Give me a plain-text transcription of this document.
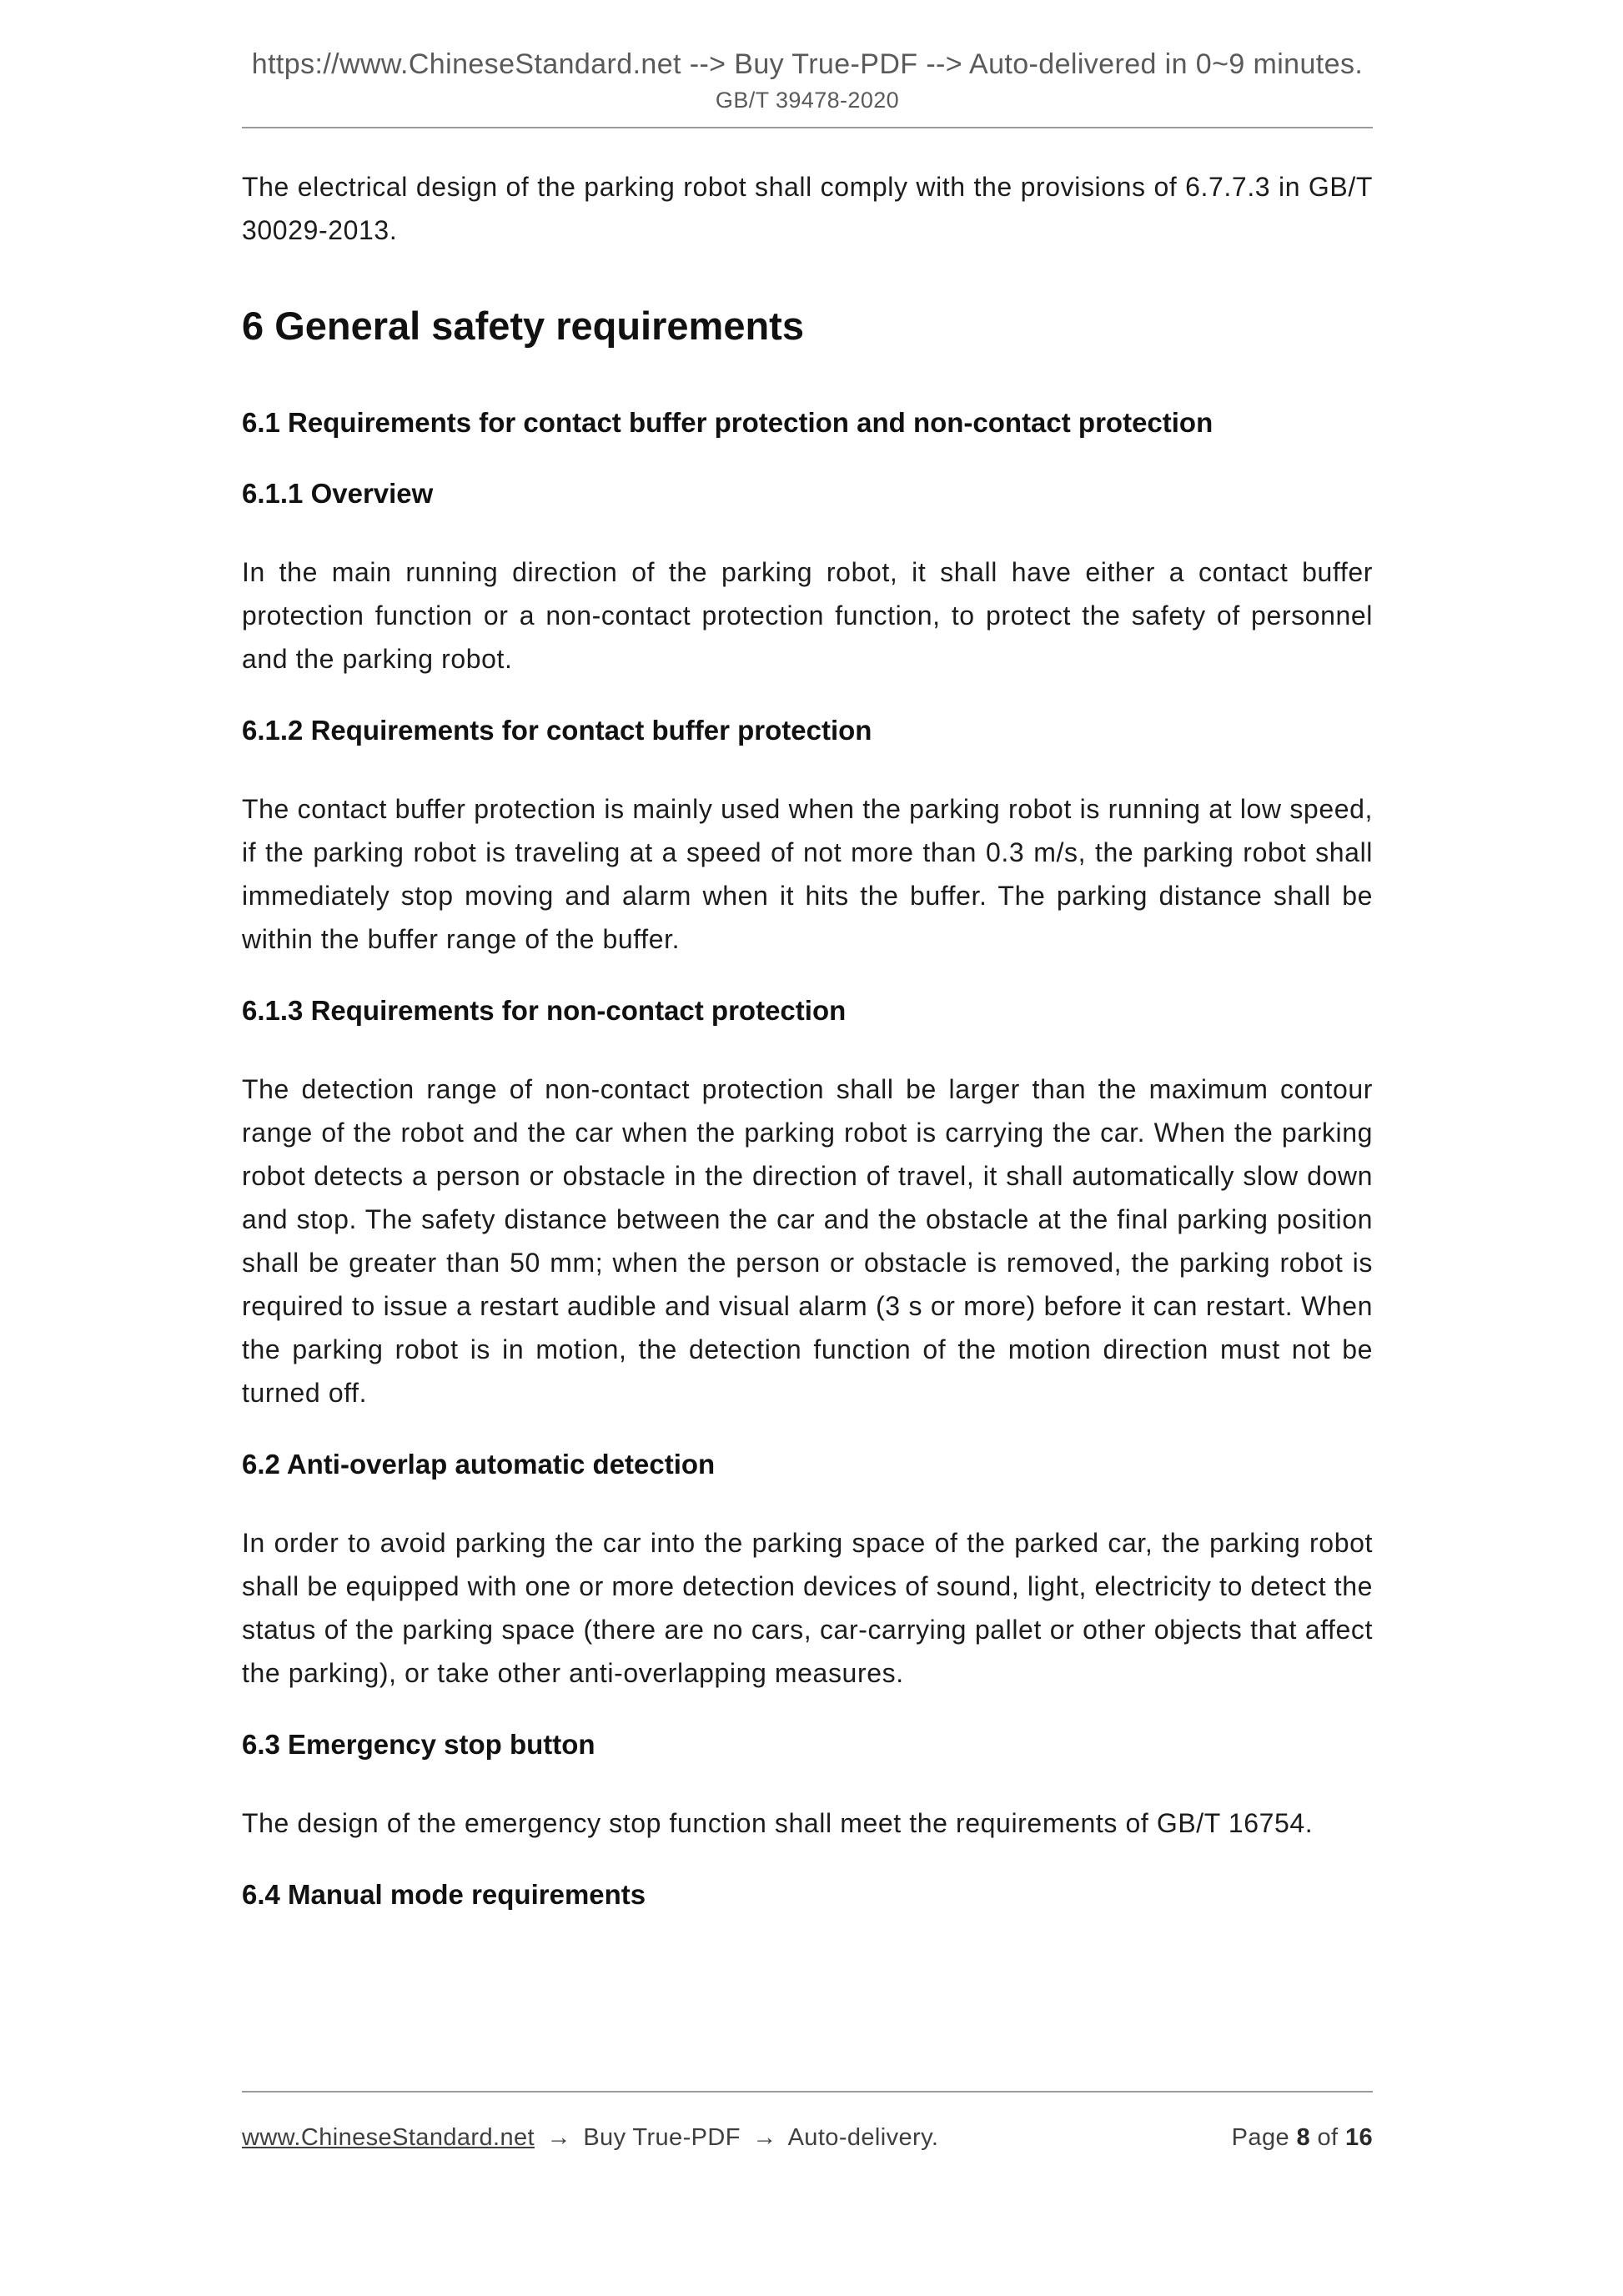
https://www.ChineseStandard.net --> Buy True-PDF --> Auto-delivered in 0~9 minutes.
GB/T 39478-2020

The electrical design of the parking robot shall comply with the provisions of 6.7.7.3 in GB/T 30029-2013.

6 General safety requirements
6.1 Requirements for contact buffer protection and non-contact protection
6.1.1 Overview

In the main running direction of the parking robot, it shall have either a contact buffer protection function or a non-contact protection function, to protect the safety of personnel and the parking robot.

6.1.2 Requirements for contact buffer protection

The contact buffer protection is mainly used when the parking robot is running at low speed, if the parking robot is traveling at a speed of not more than 0.3 m/s, the parking robot shall immediately stop moving and alarm when it hits the buffer. The parking distance shall be within the buffer range of the buffer.

6.1.3 Requirements for non-contact protection

The detection range of non-contact protection shall be larger than the maximum contour range of the robot and the car when the parking robot is carrying the car. When the parking robot detects a person or obstacle in the direction of travel, it shall automatically slow down and stop. The safety distance between the car and the obstacle at the final parking position shall be greater than 50 mm; when the person or obstacle is removed, the parking robot is required to issue a restart audible and visual alarm (3 s or more) before it can restart. When the parking robot is in motion, the detection function of the motion direction must not be turned off.

6.2 Anti-overlap automatic detection

In order to avoid parking the car into the parking space of the parked car, the parking robot shall be equipped with one or more detection devices of sound, light, electricity to detect the status of the parking space (there are no cars, car-carrying pallet or other objects that affect the parking), or take other anti-overlapping measures.

6.3 Emergency stop button

The design of the emergency stop function shall meet the requirements of GB/T 16754.

6.4 Manual mode requirements
www.ChineseStandard.net → Buy True-PDF → Auto-delivery.	Page 8 of 16
